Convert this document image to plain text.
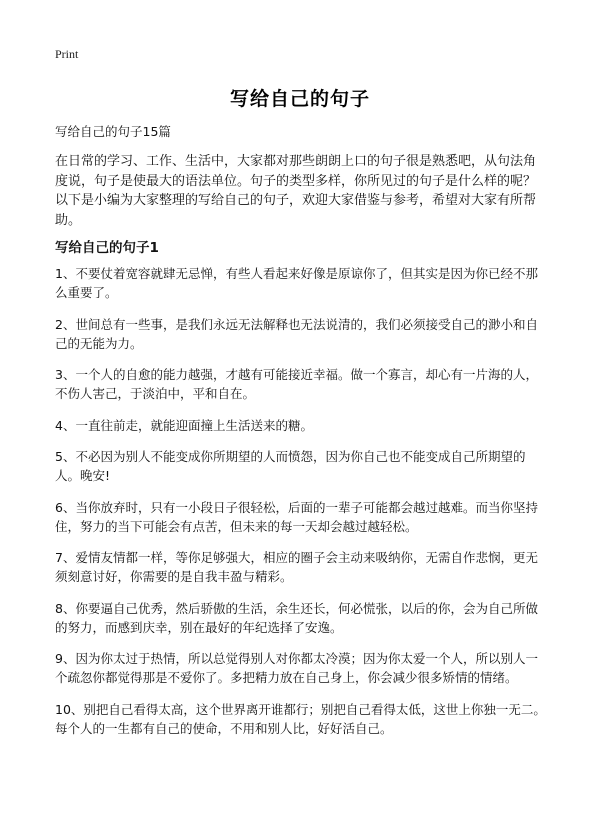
Print
写给自己的句子
写给自己的句子15篇

在日常的学习、工作、生活中，大家都对那些朗朗上口的句子很是熟悉吧，从句法角度说，句子是使最大的语法单位。句子的类型多样，你所见过的句子是什么样的呢？以下是小编为大家整理的写给自己的句子，欢迎大家借鉴与参考，希望对大家有所帮助。

写给自己的句子1
1、不要仗着宽容就肆无忌惮，有些人看起来好像是原谅你了，但其实是因为你已经不那么重要了。
2、世间总有一些事，是我们永远无法解释也无法说清的，我们必须接受自己的渺小和自己的无能为力。
3、一个人的自愈的能力越强，才越有可能接近幸福。做一个寡言，却心有一片海的人，不伤人害己，于淡泊中，平和自在。
4、一直往前走，就能迎面撞上生活送来的糖。
5、不必因为别人不能变成你所期望的人而愤怨，因为你自己也不能变成自己所期望的人。晚安!
6、当你放弃时，只有一小段日子很轻松，后面的一辈子可能都会越过越难。而当你坚持住，努力的当下可能会有点苦，但未来的每一天却会越过越轻松。
7、爱情友情都一样，等你足够强大，相应的圈子会主动来吸纳你，无需自作悲悯，更无须刻意讨好，你需要的是自我丰盈与精彩。
8、你要逼自己优秀，然后骄傲的生活，余生还长，何必慌张，以后的你，会为自己所做的努力，而感到庆幸，别在最好的年纪选择了安逸。
9、因为你太过于热情，所以总觉得别人对你都太冷漠；因为你太爱一个人，所以别人一个疏忽你都觉得那是不爱你了。多把精力放在自己身上，你会减少很多矫情的情绪。
10、别把自己看得太高，这个世界离开谁都行；别把自己看得太低，这世上你独一无二。每个人的一生都有自己的使命，不用和别人比，好好活自己。
